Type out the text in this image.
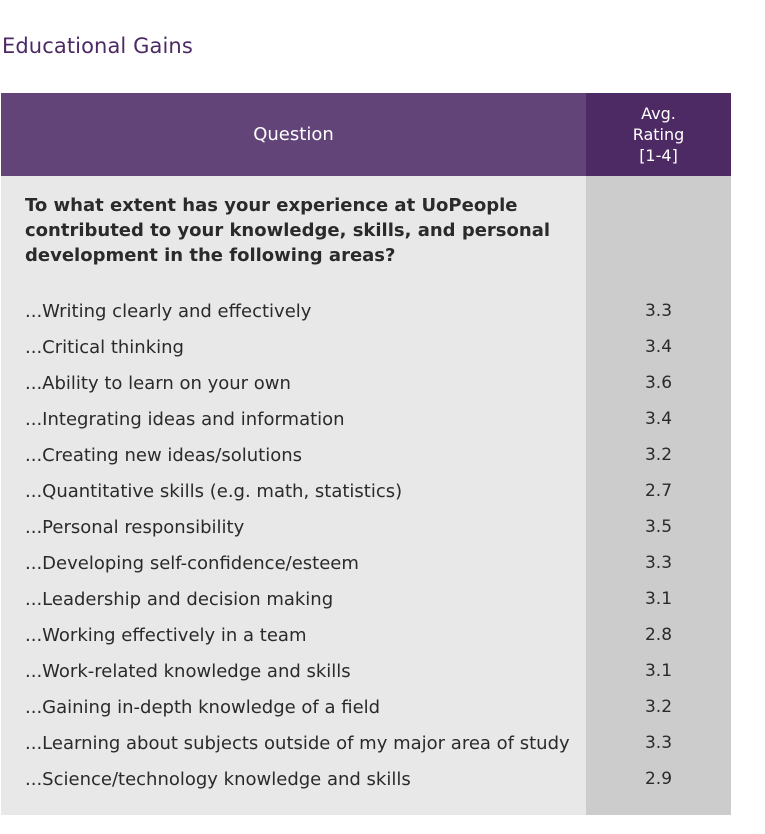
Educational Gains
Question
Avg.
Rating
[1-4]
To what extent has your experience at UoPeople contributed to your knowledge, skills, and personal development in the following areas?
...Writing clearly and effectively
...Critical thinking
...Ability to learn on your own
...Integrating ideas and information
...Creating new ideas/solutions
...Quantitative skills (e.g. math, statistics)
...Personal responsibility
...Developing self-confidence/esteem
...Leadership and decision making
...Working effectively in a team
...Work-related knowledge and skills
...Gaining in-depth knowledge of a field
...Learning about subjects outside of my major area of study
...Science/technology knowledge and skills
3.3
3.4
3.6
3.4
3.2
2.7
3.5
3.3
3.1
2.8
3.1
3.2
3.3
2.9
